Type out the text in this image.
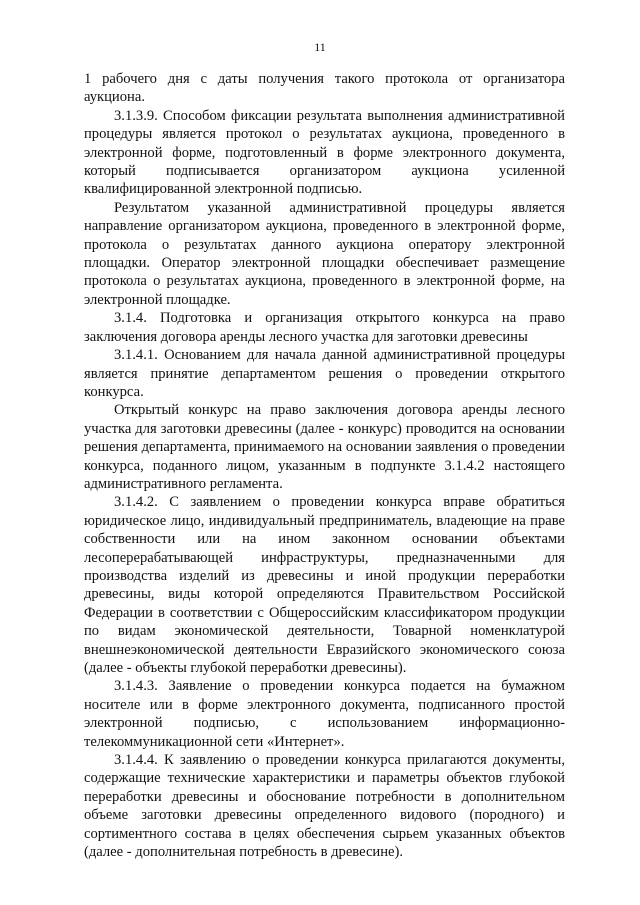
11

1 рабочего дня с даты получения такого протокола от организатора аукциона.

3.1.3.9. Способом фиксации результата выполнения административной процедуры является протокол о результатах аукциона, проведенного в электронной форме, подготовленный в форме электронного документа, который подписывается организатором аукциона усиленной квалифицированной электронной подписью.

Результатом указанной административной процедуры является направление организатором аукциона, проведенного в электронной форме, протокола о результатах данного аукциона оператору электронной площадки. Оператор электронной площадки обеспечивает размещение протокола о результатах аукциона, проведенного в электронной форме, на электронной площадке.

3.1.4. Подготовка и организация открытого конкурса на право заключения договора аренды лесного участка для заготовки древесины

3.1.4.1. Основанием для начала данной административной процедуры является принятие департаментом решения о проведении открытого конкурса.

Открытый конкурс на право заключения договора аренды лесного участка для заготовки древесины (далее - конкурс) проводится на основании решения департамента, принимаемого на основании заявления о проведении конкурса, поданного лицом, указанным в подпункте 3.1.4.2 настоящего административного регламента.

3.1.4.2. С заявлением о проведении конкурса вправе обратиться юридическое лицо, индивидуальный предприниматель, владеющие на праве собственности или на ином законном основании объектами лесоперерабатывающей инфраструктуры, предназначенными для производства изделий из древесины и иной продукции переработки древесины, виды которой определяются Правительством Российской Федерации в соответствии с Общероссийским классификатором продукции по видам экономической деятельности, Товарной номенклатурой внешнеэкономической деятельности Евразийского экономического союза (далее - объекты глубокой переработки древесины).

3.1.4.3. Заявление о проведении конкурса подается на бумажном носителе или в форме электронного документа, подписанного простой электронной подписью, с использованием информационно-телекоммуникационной сети «Интернет».

3.1.4.4. К заявлению о проведении конкурса прилагаются документы, содержащие технические характеристики и параметры объектов глубокой переработки древесины и обоснование потребности в дополнительном объеме заготовки древесины определенного видового (породного) и сортиментного состава в целях обеспечения сырьем указанных объектов (далее - дополнительная потребность в древесине).
